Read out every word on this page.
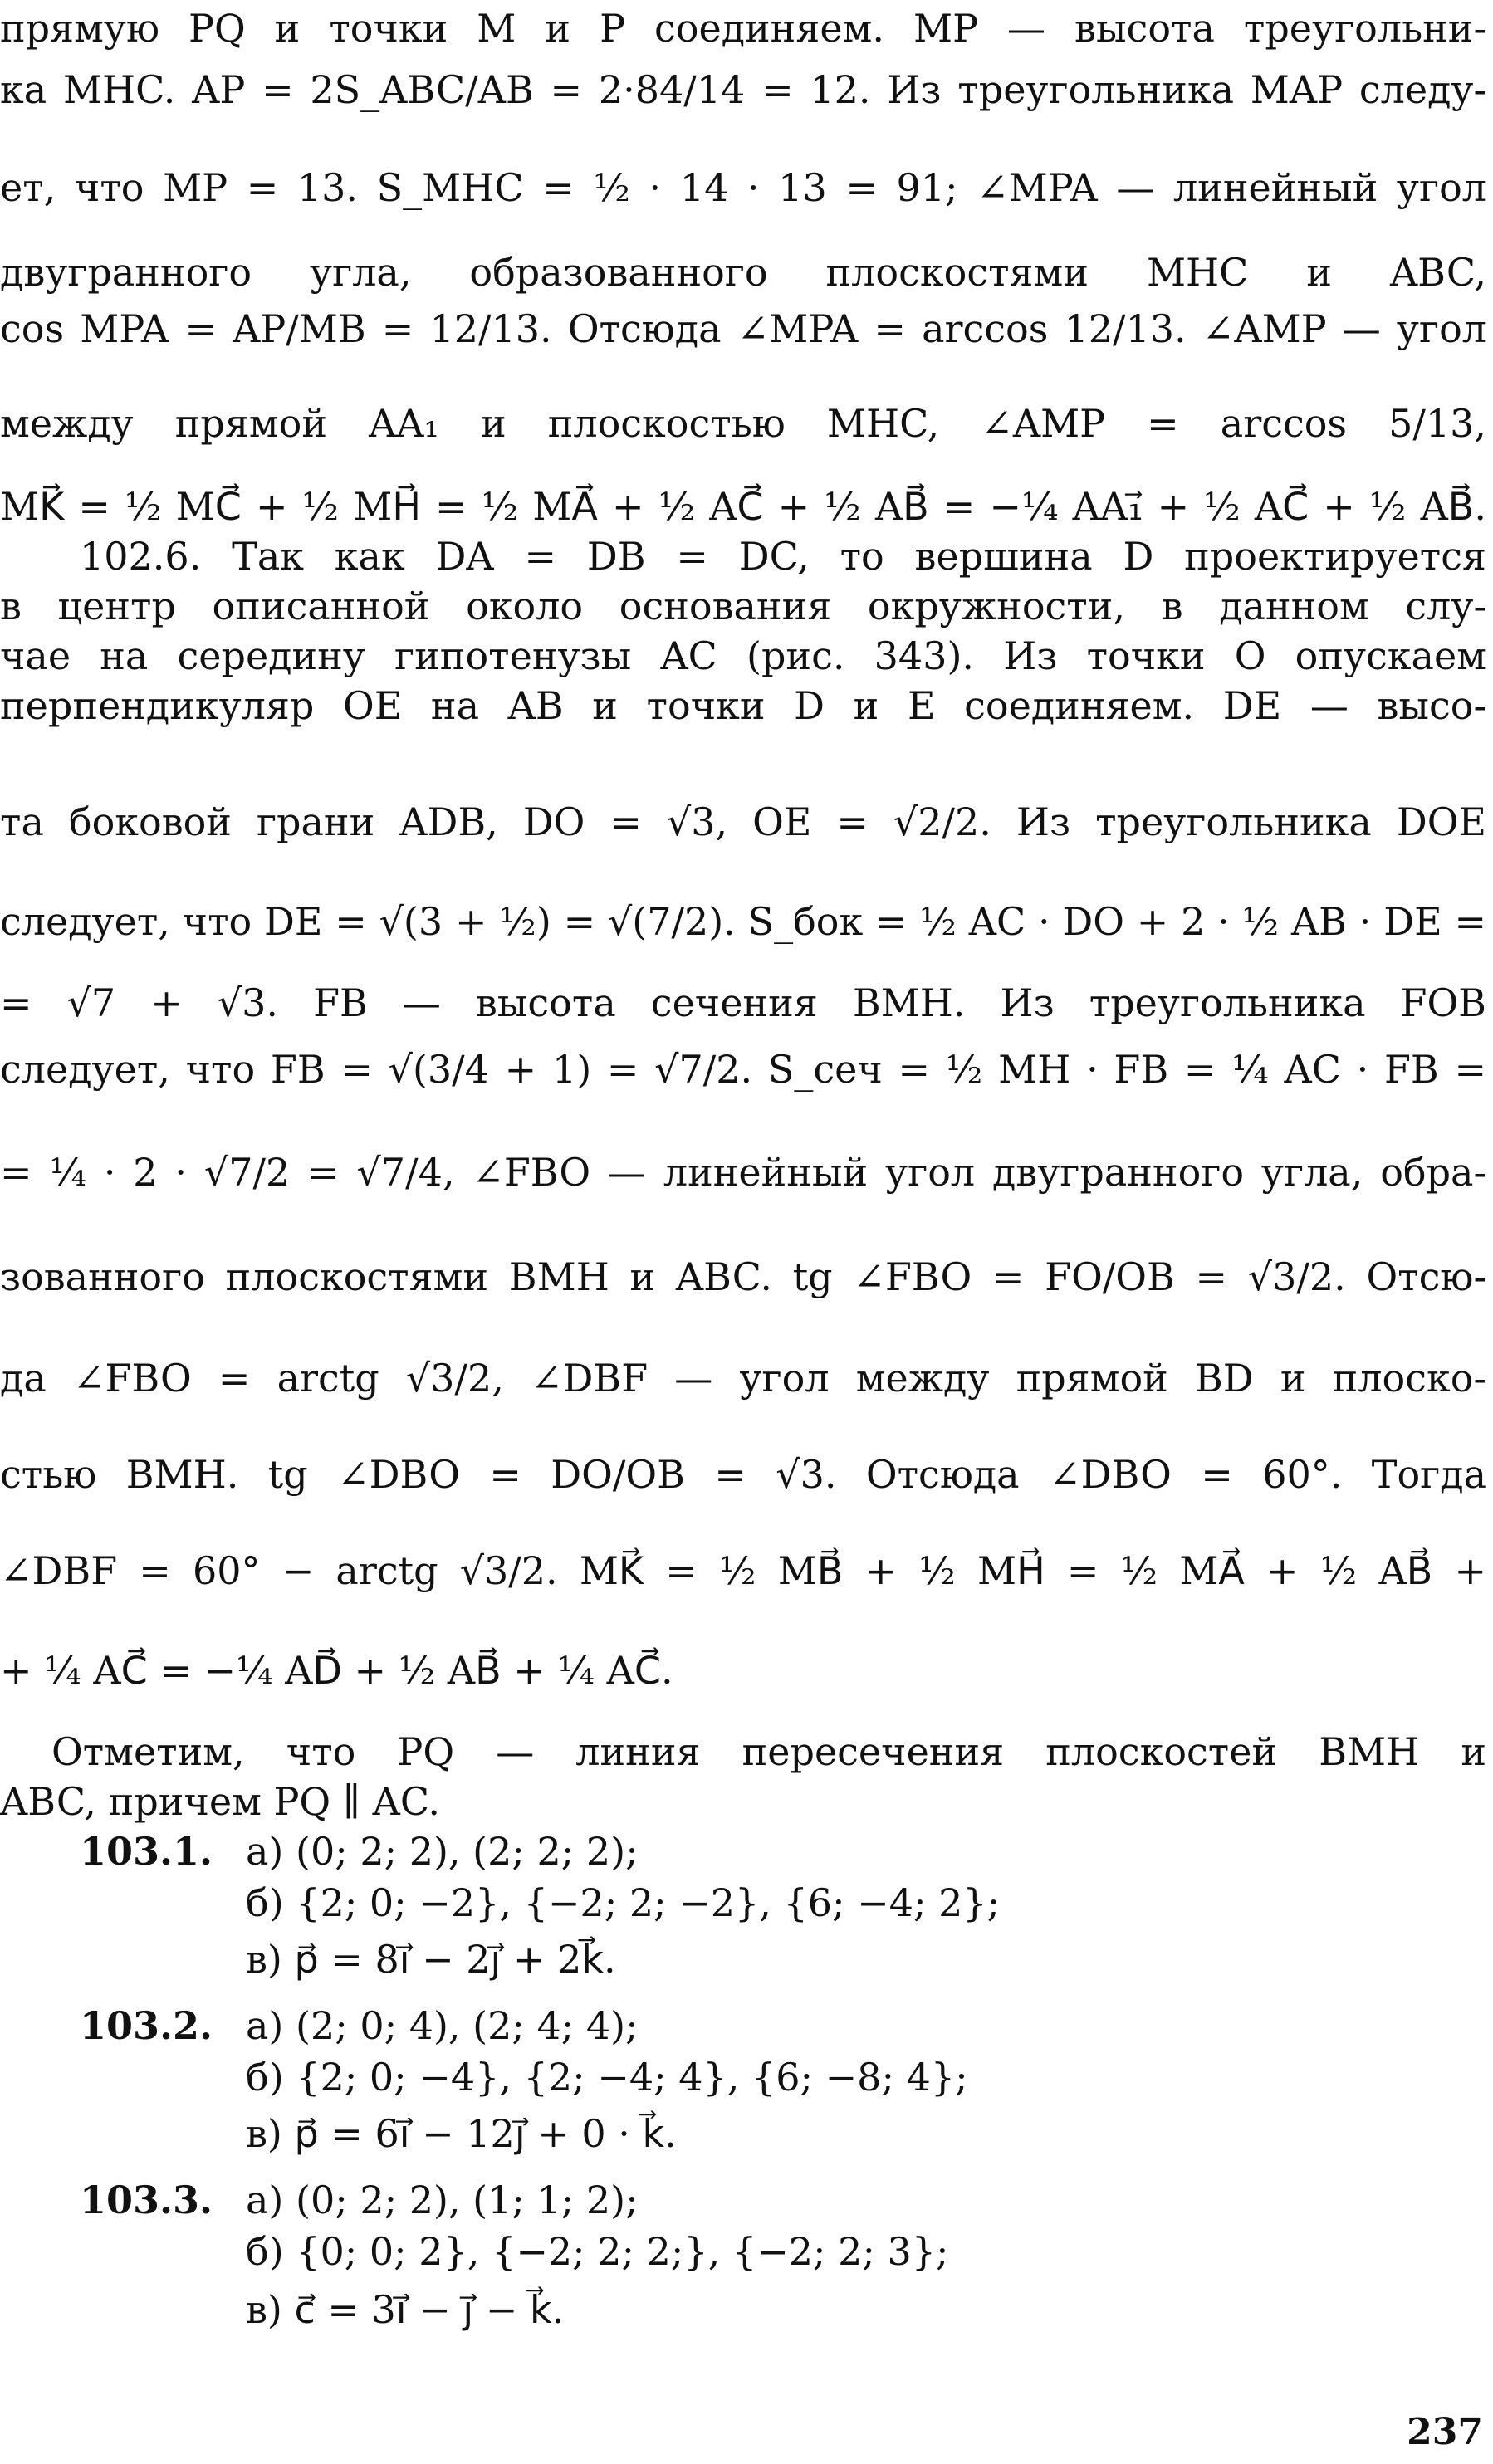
прямую PQ и точки M и P соединяем. MP — высота треугольни-
ка MHC. AP = 2S_ABC/AB = 2·84/14 = 12. Из треугольника MAP следу-
ет, что MP = 13. S_MHC = ½ · 14 · 13 = 91; ∠MPA — линейный угол
двугранного угла, образованного плоскостями MHC и ABC,
cos MPA = AP/MB = 12/13. Отсюда ∠MPA = arccos 12/13. ∠AMP — угол
между прямой AA₁ и плоскостью MHC, ∠AMP = arccos 5/13,
MK⃗ = ½ MC⃗ + ½ MH⃗ = ½ MA⃗ + ½ AC⃗ + ½ AB⃗ = −¼ AA₁⃗ + ½ AC⃗ + ½ AB⃗.
102.6. Так как DA = DB = DC, то вершина D проектируется
в центр описанной около основания окружности, в данном слу-
чае на середину гипотенузы AC (рис. 343). Из точки O опускаем
перпендикуляр OE на AB и точки D и E соединяем. DE — высо-
та боковой грани ADB, DO = √3, OE = √2/2. Из треугольника DOE
следует, что DE = √(3 + ½) = √(7/2). S_бок = ½ AC · DO + 2 · ½ AB · DE =
= √7 + √3. FB — высота сечения BMH. Из треугольника FOB
следует, что FB = √(3/4 + 1) = √7/2. S_сеч = ½ MH · FB = ¼ AC · FB =
= ¼ · 2 · √7/2 = √7/4, ∠FBO — линейный угол двугранного угла, обра-
зованного плоскостями BMH и ABC. tg ∠FBO = FO/OB = √3/2. Отсю-
да ∠FBO = arctg √3/2, ∠DBF — угол между прямой BD и плоско-
стью BMH. tg ∠DBO = DO/OB = √3. Отсюда ∠DBO = 60°. Тогда
∠DBF = 60° − arctg √3/2. MK⃗ = ½ MB⃗ + ½ MH⃗ = ½ MA⃗ + ½ AB⃗ +
+ ¼ AC⃗ = −¼ AD⃗ + ½ AB⃗ + ¼ AC⃗.
Отметим, что PQ — линия пересечения плоскостей BMH и
ABC, причем PQ ∥ AC.
103.1. а) (0; 2; 2), (2; 2; 2);
б) {2; 0; −2}, {−2; 2; −2}, {6; −4; 2};
в) p⃗ = 8i⃗ − 2j⃗ + 2k⃗.
103.2. а) (2; 0; 4), (2; 4; 4);
б) {2; 0; −4}, {2; −4; 4}, {6; −8; 4};
в) p⃗ = 6i⃗ − 12j⃗ + 0 · k⃗.
103.3. а) (0; 2; 2), (1; 1; 2);
б) {0; 0; 2}, {−2; 2; 2;}, {−2; 2; 3};
в) c⃗ = 3i⃗ − j⃗ − k⃗.
237
